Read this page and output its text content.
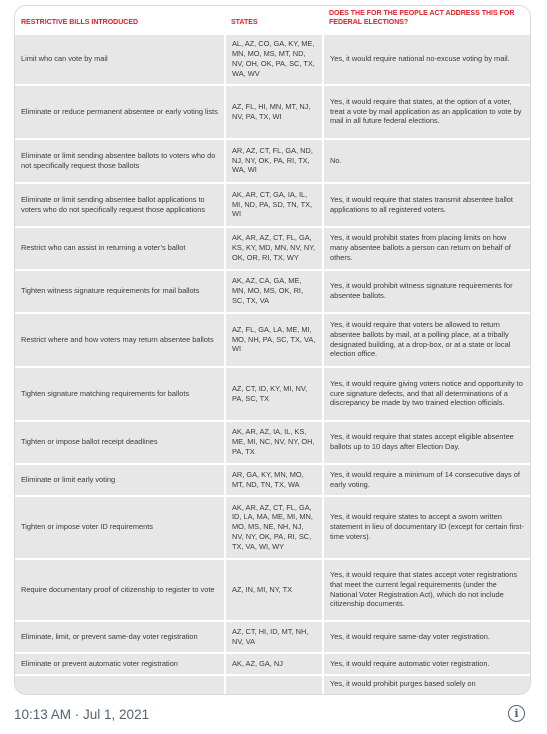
RESTRICTIVE BILLS INTRODUCED	STATES	DOES THE FOR THE PEOPLE ACT ADDRESS THIS FOR FEDERAL ELECTIONS?
Limit who can vote by mail	AL, AZ, CO, GA, KY, ME, MN, MO, MS, MT, ND, NV, OH, OK, PA, SC, TX, WA, WV	Yes, it would require national no-excuse voting by mail.
Eliminate or reduce permanent absentee or early voting lists	AZ, FL, HI, MN, MT, NJ, NV, PA, TX, WI	Yes, it would require that states, at the option of a voter, treat a vote by mail application as an application to vote by mail in all future federal elections.
Eliminate or limit sending absentee ballots to voters who do not specifically request those ballots	AR, AZ, CT, FL, GA, ND, NJ, NY, OK, PA, RI, TX, WA, WI	No.
Eliminate or limit sending absentee ballot applications to voters who do not specifically request those applications	AK, AR, CT, GA, IA, IL, MI, ND, PA, SD, TN, TX, WI	Yes, it would require that states transmit absentee ballot applications to all registered voters.
Restrict who can assist in returning a voter’s ballot	AK, AR, AZ, CT, FL, GA, KS, KY, MD, MN, NV, NY, OK, OR, RI, TX, WY	Yes, it would prohibit states from placing limits on how many absentee ballots a person can return on behalf of others.
Tighten witness signature requirements for mail ballots	AK, AZ, CA, GA, ME, MN, MO, MS, OK, RI, SC, TX, VA	Yes, it would prohibit witness signature requirements for absentee ballots.
Restrict where and how voters may return absentee ballots	AZ, FL, GA, LA, ME, MI, MO, NH, PA, SC, TX, VA, WI	Yes, it would require that voters be allowed to return absentee ballots by mail, at a polling place, at a tribally designated building, at a drop-box, or at a state or local election office.
Tighten signature matching requirements for ballots	AZ, CT, ID, KY, MI, NV, PA, SC, TX	Yes, it would require giving voters notice and opportunity to cure signature defects, and that all determinations of a discrepancy be made by two trained election officials.
Tighten or impose ballot receipt deadlines	AK, AR, AZ, IA, IL, KS, ME, MI, NC, NV, NY, OH, PA, TX	Yes, it would require that states accept eligible absentee ballots up to 10 days after Election Day.
Eliminate or limit early voting	AR, GA, KY, MN, MO, MT, ND, TN, TX, WA	Yes, it would require a minimum of 14 consecutive days of early voting.
Tighten or impose voter ID requirements	AK, AR, AZ, CT, FL, GA, ID, LA, MA, ME, MI, MN, MO, MS, NE, NH, NJ, NV, NY, OK, PA, RI, SC, TX, VA, WI, WY	Yes, it would require states to accept a sworn written statement in lieu of documentary ID (except for certain first-time voters).
Require documentary proof of citizenship to register to vote	AZ, IN, MI, NY, TX	Yes, it would require that states accept voter registrations that meet the current legal requirements (under the National Voter Registration Act), which do not include citizenship documents.
Eliminate, limit, or prevent same-day voter registration	AZ, CT, HI, ID, MT, NH, NV, VA	Yes, it would require same-day voter registration.
Eliminate or prevent automatic voter registration	AK, AZ, GA, NJ	Yes, it would require automatic voter registration.
		Yes, it would prohibit purges based solely on
10:13 AM · Jul 1, 2021	i
